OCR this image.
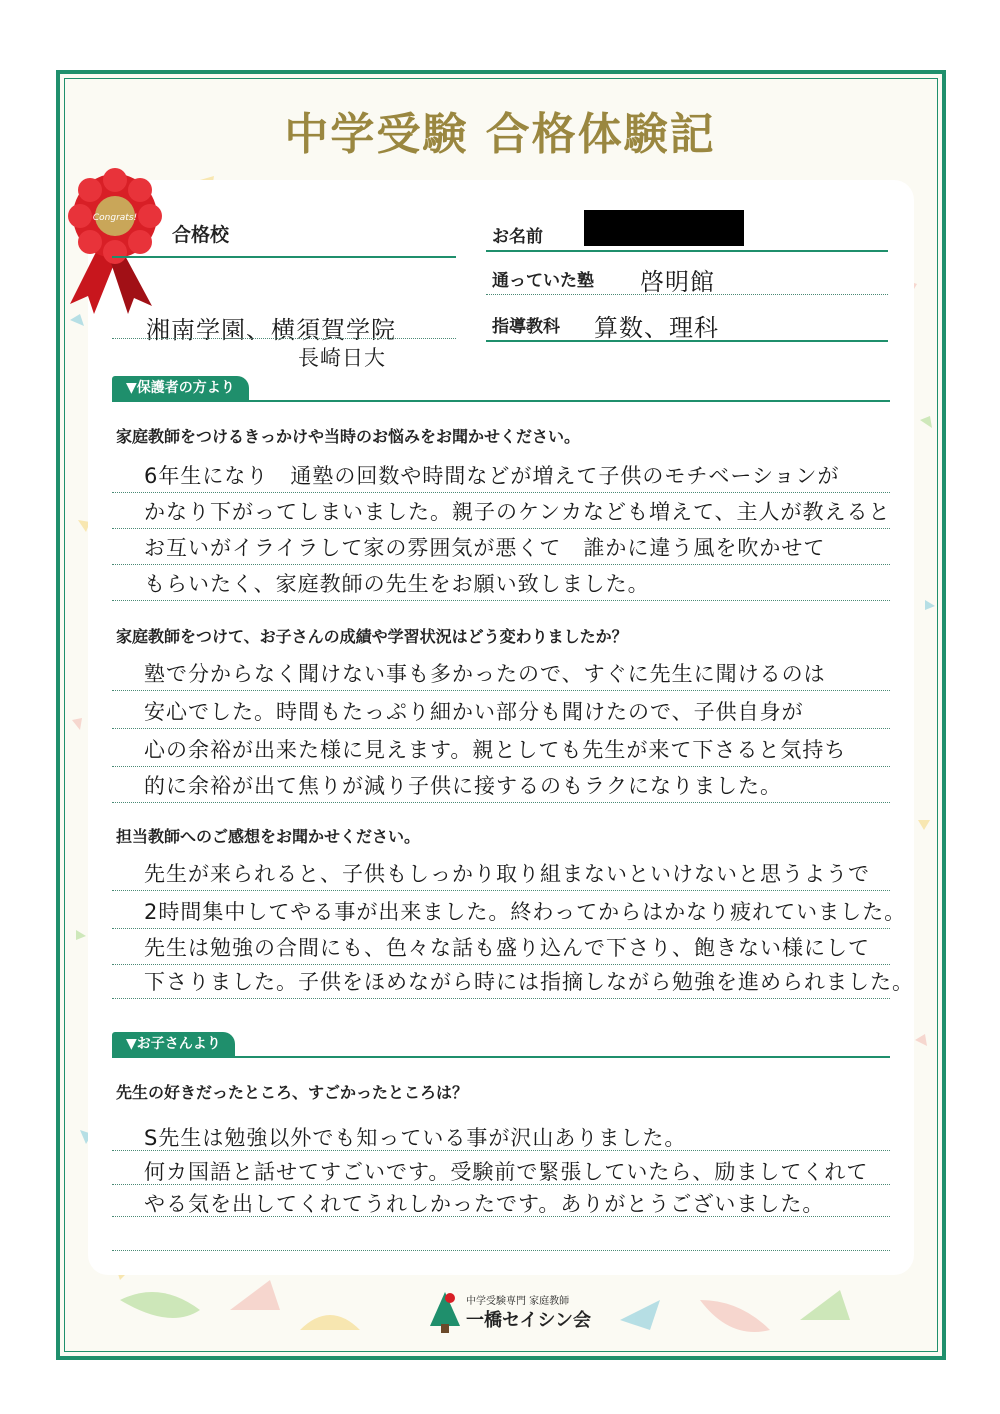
中学受験 合格体験記
Congrats!
合格校
湘南学園、横須賀学院
長崎日大
お名前
通っていた塾 啓明館
指導教科 算数、理科
▼保護者の方より
家庭教師をつけるきっかけや当時のお悩みをお聞かせください。
6年生になり　通塾の回数や時間などが増えて子供のモチベーションが
かなり下がってしまいました。親子のケンカなども増えて、主人が教えると
お互いがイライラして家の雰囲気が悪くて　誰かに違う風を吹かせて
もらいたく、家庭教師の先生をお願い致しました。
家庭教師をつけて、お子さんの成績や学習状況はどう変わりましたか？
塾で分からなく聞けない事も多かったので、すぐに先生に聞けるのは
安心でした。時間もたっぷり細かい部分も聞けたので、子供自身が
心の余裕が出来た様に見えます。親としても先生が来て下さると気持ち
的に余裕が出て焦りが減り子供に接するのもラクになりました。
担当教師へのご感想をお聞かせください。
先生が来られると、子供もしっかり取り組まないといけないと思うようで
2時間集中してやる事が出来ました。終わってからはかなり疲れていました。
先生は勉強の合間にも、色々な話も盛り込んで下さり、飽きない様にして
下さりました。子供をほめながら時には指摘しながら勉強を進められました。
▼お子さんより
先生の好きだったところ、すごかったところは？
S先生は勉強以外でも知っている事が沢山ありました。
何カ国語と話せてすごいです。受験前で緊張していたら、励ましてくれて
やる気を出してくれてうれしかったです。ありがとうございました。
中学受験専門 家庭教師
一橋セイシン会
